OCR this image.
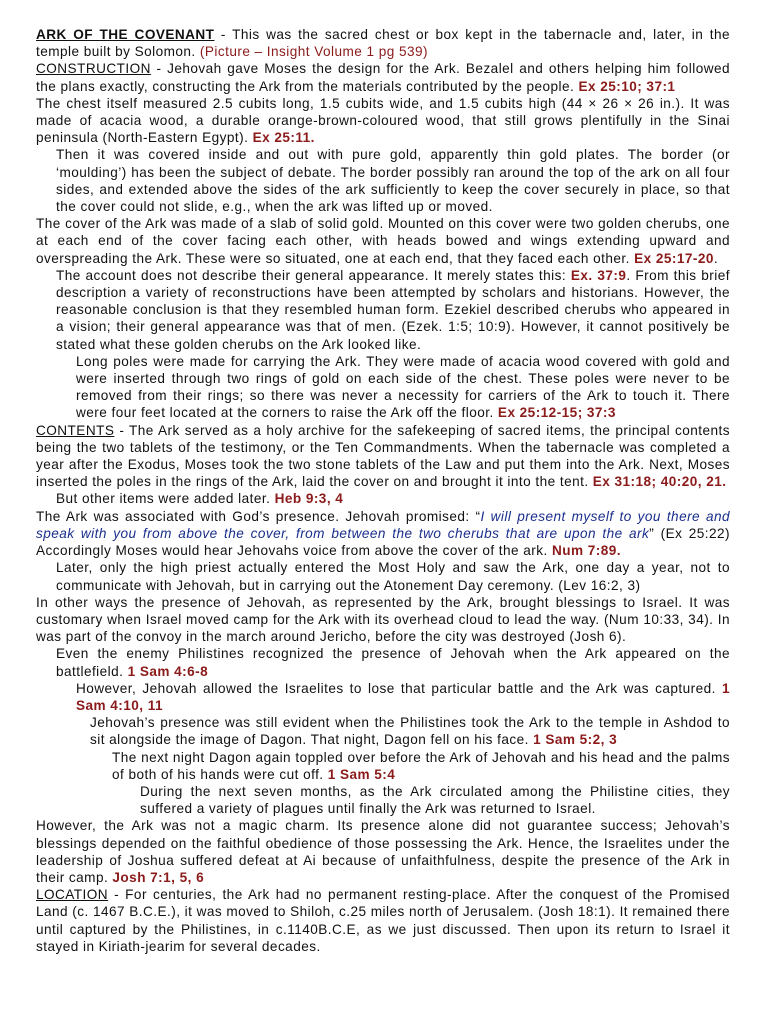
ARK OF THE COVENANT - This was the sacred chest or box kept in the tabernacle and, later, in the temple built by Solomon. (Picture – Insight Volume 1 pg 539)

CONSTRUCTION - Jehovah gave Moses the design for the Ark. Bezalel and others helping him followed the plans exactly, constructing the Ark from the materials contributed by the people. Ex 25:10; 37:1

The chest itself measured 2.5 cubits long, 1.5 cubits wide, and 1.5 cubits high (44 × 26 × 26 in.). It was made of acacia wood, a durable orange-brown-coloured wood, that still grows plentifully in the Sinai peninsula (North-Eastern Egypt). Ex 25:11.

Then it was covered inside and out with pure gold, apparently thin gold plates. The border (or ‘moulding’) has been the subject of debate. The border possibly ran around the top of the ark on all four sides, and extended above the sides of the ark sufficiently to keep the cover securely in place, so that the cover could not slide, e.g., when the ark was lifted up or moved.

The cover of the Ark was made of a slab of solid gold. Mounted on this cover were two golden cherubs, one at each end of the cover facing each other, with heads bowed and wings extending upward and overspreading the Ark. These were so situated, one at each end, that they faced each other. Ex 25:17-20.

The account does not describe their general appearance. It merely states this: Ex. 37:9. From this brief description a variety of reconstructions have been attempted by scholars and historians. However, the reasonable conclusion is that they resembled human form. Ezekiel described cherubs who appeared in a vision; their general appearance was that of men. (Ezek. 1:5; 10:9). However, it cannot positively be stated what these golden cherubs on the Ark looked like.

Long poles were made for carrying the Ark. They were made of acacia wood covered with gold and were inserted through two rings of gold on each side of the chest. These poles were never to be removed from their rings; so there was never a necessity for carriers of the Ark to touch it. There were four feet located at the corners to raise the Ark off the floor. Ex 25:12-15; 37:3

CONTENTS - The Ark served as a holy archive for the safekeeping of sacred items, the principal contents being the two tablets of the testimony, or the Ten Commandments. When the tabernacle was completed a year after the Exodus, Moses took the two stone tablets of the Law and put them into the Ark. Next, Moses inserted the poles in the rings of the Ark, laid the cover on and brought it into the tent. Ex 31:18; 40:20, 21.

But other items were added later. Heb 9:3, 4

The Ark was associated with God’s presence. Jehovah promised: “I will present myself to you there and speak with you from above the cover, from between the two cherubs that are upon the ark” (Ex 25:22) Accordingly Moses would hear Jehovahs voice from above the cover of the ark. Num 7:89.

Later, only the high priest actually entered the Most Holy and saw the Ark, one day a year, not to communicate with Jehovah, but in carrying out the Atonement Day ceremony. (Lev 16:2, 3)

In other ways the presence of Jehovah, as represented by the Ark, brought blessings to Israel. It was customary when Israel moved camp for the Ark with its overhead cloud to lead the way. (Num 10:33, 34). In was part of the convoy in the march around Jericho, before the city was destroyed (Josh 6).

Even the enemy Philistines recognized the presence of Jehovah when the Ark appeared on the battlefield. 1 Sam 4:6-8

However, Jehovah allowed the Israelites to lose that particular battle and the Ark was captured. 1 Sam 4:10, 11

Jehovah’s presence was still evident when the Philistines took the Ark to the temple in Ashdod to sit alongside the image of Dagon. That night, Dagon fell on his face. 1 Sam 5:2, 3

The next night Dagon again toppled over before the Ark of Jehovah and his head and the palms of both of his hands were cut off. 1 Sam 5:4

During the next seven months, as the Ark circulated among the Philistine cities, they suffered a variety of plagues until finally the Ark was returned to Israel.

However, the Ark was not a magic charm. Its presence alone did not guarantee success; Jehovah’s blessings depended on the faithful obedience of those possessing the Ark. Hence, the Israelites under the leadership of Joshua suffered defeat at Ai because of unfaithfulness, despite the presence of the Ark in their camp. Josh 7:1, 5, 6

LOCATION - For centuries, the Ark had no permanent resting-place. After the conquest of the Promised Land (c. 1467 B.C.E.), it was moved to Shiloh, c.25 miles north of Jerusalem. (Josh 18:1). It remained there until captured by the Philistines, in c.1140B.C.E, as we just discussed. Then upon its return to Israel it stayed in Kiriath-jearim for several decades.
